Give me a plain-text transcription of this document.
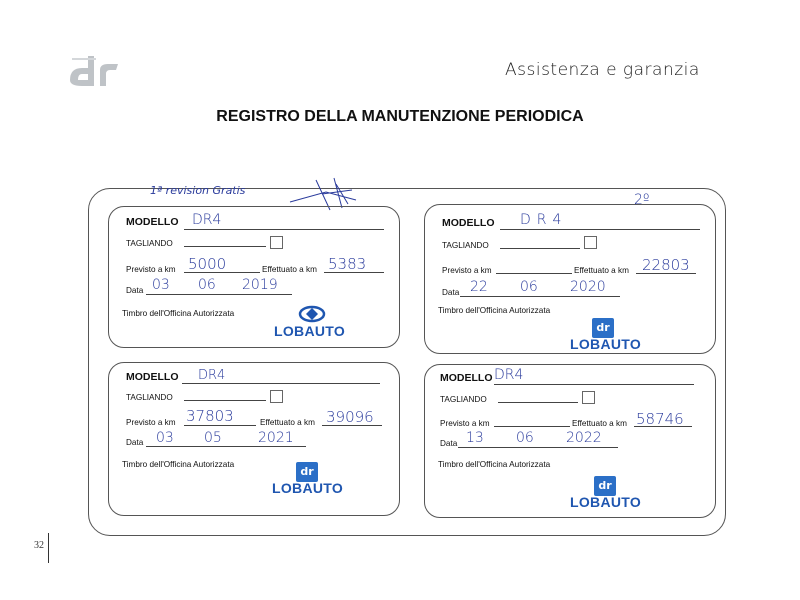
Assistenza e garanzia
REGISTRO DELLA MANUTENZIONE PERIODICA
1ª revision Gratis
2º
MODELLO DR4
TAGLIANDO
Previsto a km 5000	Effettuato a km 5383
Data 03 06 2019
Timbro dell'Officina Autorizzata
LOBAUTO
MODELLO DR4
TAGLIANDO
Previsto a km	Effettuato a km 22803
Data 22 06 2020
Timbro dell'Officina Autorizzata
dr
LOBAUTO
MODELLO DR4
TAGLIANDO
Previsto a km 37803	Effettuato a km 39096
Data 03 05	2021
Timbro dell'Officina Autorizzata
dr
LOBAUTO
MODELLO DR4
TAGLIANDO
Previsto a km	Effettuato a km 58746
Data 13 06 2022
Timbro dell'Officina Autorizzata
dr
LOBAUTO
32
